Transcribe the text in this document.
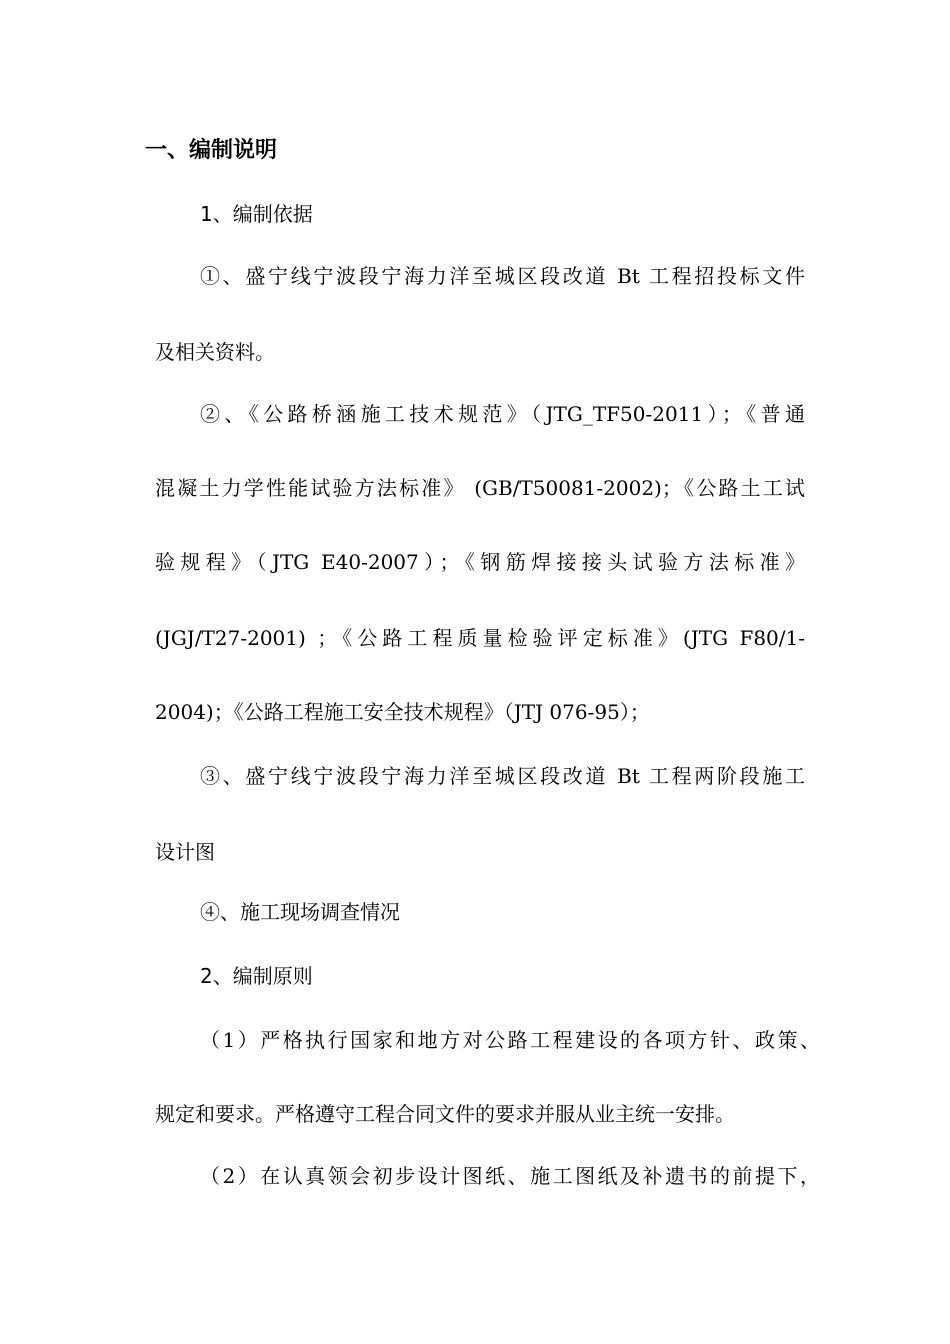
一、编制说明
1、编制依据
①、盛宁线宁波段宁海力洋至城区段改道 Bt 工程招投标文件
及相关资料。
②、《公路桥涵施工技术规范》（JTG_TF50-2011）；《普通
混凝土力学性能试验方法标准》 (GB/T50081-2002)；《公路土工试
验规程》（JTG E40-2007）；《钢筋焊接接头试验方法标准》
(JGJ/T27-2001) ；《公路工程质量检验评定标准》(JTG F80/1-
2004)；《公路工程施工安全技术规程》（JTJ 076-95）；
③、盛宁线宁波段宁海力洋至城区段改道 Bt 工程两阶段施工
设计图
④、施工现场调查情况
2、编制原则
（1）严格执行国家和地方对公路工程建设的各项方针、政策、
规定和要求。严格遵守工程合同文件的要求并服从业主统一安排。
（2）在认真领会初步设计图纸、施工图纸及补遗书的前提下，
